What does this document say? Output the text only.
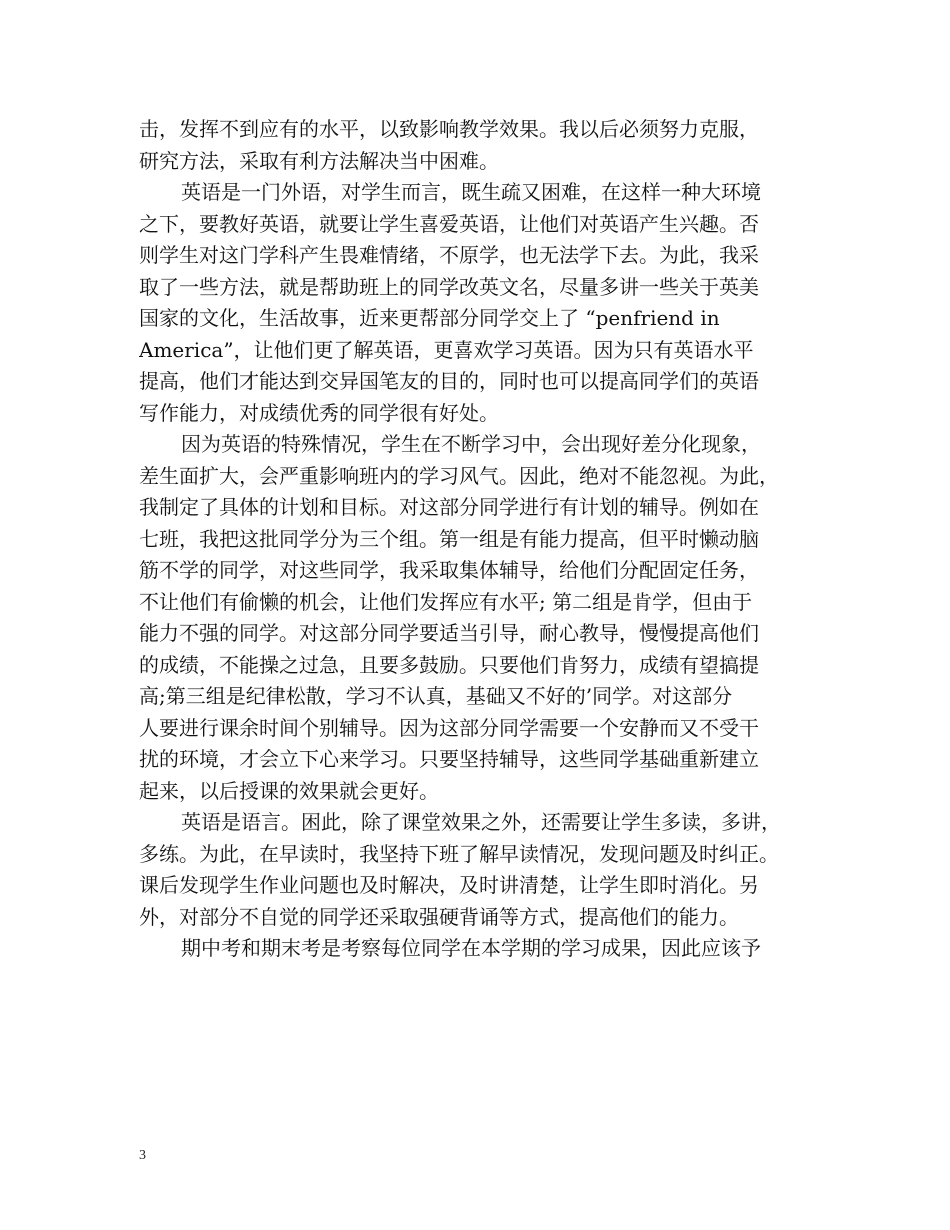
击，发挥不到应有的水平，以致影响教学效果。我以后必须努力克服，
研究方法，采取有利方法解决当中困难。
英语是一门外语，对学生而言，既生疏又困难，在这样一种大环境
之下，要教好英语，就要让学生喜爱英语，让他们对英语产生兴趣。否
则学生对这门学科产生畏难情绪，不原学，也无法学下去。为此，我采
取了一些方法，就是帮助班上的同学改英文名，尽量多讲一些关于英美
国家的文化，生活故事，近来更帮部分同学交上了 “penfriend in
America”，让他们更了解英语，更喜欢学习英语。因为只有英语水平
提高，他们才能达到交异国笔友的目的，同时也可以提高同学们的英语
写作能力，对成绩优秀的同学很有好处。
因为英语的特殊情况，学生在不断学习中，会出现好差分化现象，
差生面扩大，会严重影响班内的学习风气。因此，绝对不能忽视。为此，
我制定了具体的计划和目标。对这部分同学进行有计划的辅导。例如在
七班，我把这批同学分为三个组。第一组是有能力提高，但平时懒动脑
筋不学的同学，对这些同学，我采取集体辅导，给他们分配固定任务，
不让他们有偷懒的机会，让他们发挥应有水平; 第二组是肯学，但由于
能力不强的同学。对这部分同学要适当引导，耐心教导，慢慢提高他们
的成绩，不能操之过急，且要多鼓励。只要他们肯努力，成绩有望搞提
高;第三组是纪律松散，学习不认真，基础又不好的’同学。对这部分
人要进行课余时间个别辅导。因为这部分同学需要一个安静而又不受干
扰的环境，才会立下心来学习。只要坚持辅导，这些同学基础重新建立
起来，以后授课的效果就会更好。
英语是语言。困此，除了课堂效果之外，还需要让学生多读，多讲，
多练。为此，在早读时，我坚持下班了解早读情况，发现问题及时纠正。
课后发现学生作业问题也及时解决，及时讲清楚，让学生即时消化。另
外，对部分不自觉的同学还采取强硬背诵等方式，提高他们的能力。
期中考和期末考是考察每位同学在本学期的学习成果，因此应该予
3
